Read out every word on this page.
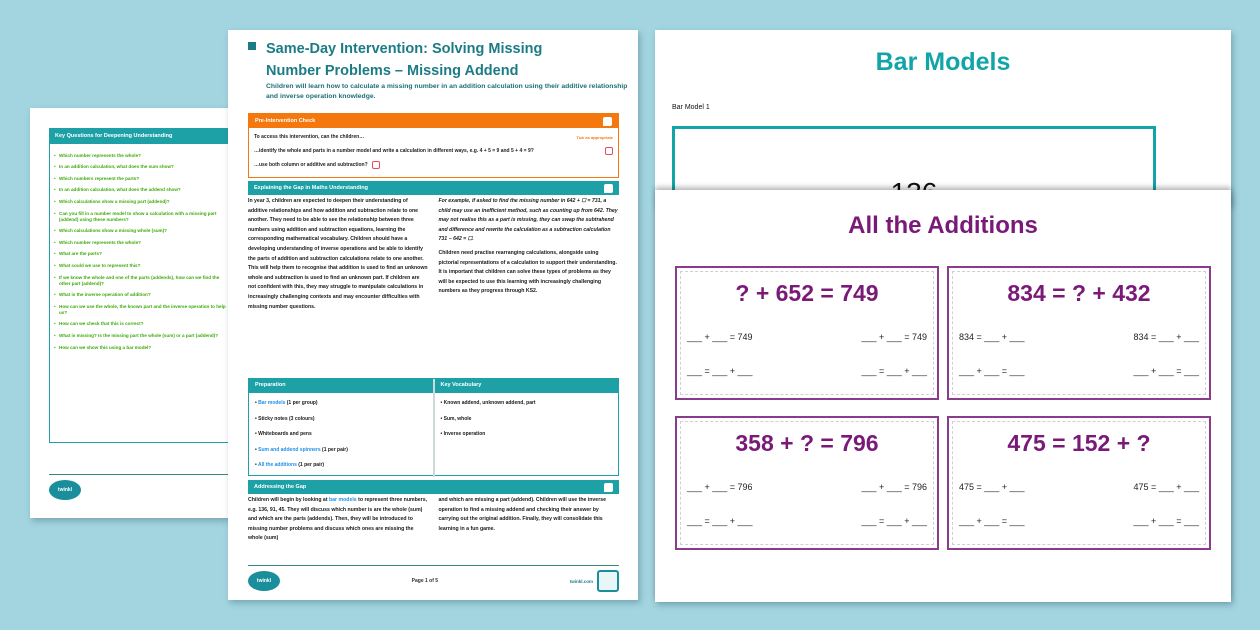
Key Questions for Deepening Understanding
• Which number represents the whole?
• In an addition calculation, what does the sum show?
• Which numbers represent the parts?
• In an addition calculation, what does the addend show?
• Which calculations show a missing part (addend)?
• Can you fill in a number model to show a calculation with a missing part (addend) using these numbers?
• Which calculations show a missing whole (sum)?
• Which number represents the whole?
• What are the parts?
• What could we use to represent this?
• If we know the whole and one of the parts (addends), how can we find the other part (addend)?
• What is the inverse operation of addition?
• How can we use the whole, the known part and the inverse operation to help us?
• How can we check that this is correct?
• What is missing? Is the missing part the whole (sum) or a part (addend)?
• How can we show this using a bar model?
twinkl
Same-Day Intervention: Solving Missing
Number Problems – Missing Addend
Children will learn how to calculate a missing number in an addition calculation using their additive relationship and inverse operation knowledge.
Pre-Intervention Check
To access this intervention, can the children…	Tick as appropriate
…identify the whole and parts in a number model and write a calculation in different ways, e.g. 4 + 5 = 9 and 5 + 4 = 9?
…use both column or additive and subtraction?
Explaining the Gap in Maths Understanding

In year 3, children are expected to deepen their understanding of additive relationships and how addition and subtraction relate to one another. They need to be able to see the relationship between three numbers using addition and subtraction equations, learning the corresponding mathematical vocabulary. Children should have a developing understanding of inverse operations and be able to identify the parts of addition and subtraction calculations relate to one another. This will help them to recognise that addition is used to find an unknown whole and subtraction is used to find an unknown part. If children are not confident with this, they may struggle to manipulate calculations in increasingly challenging contexts and may encounter difficulties with missing number questions.

For example, if asked to find the missing number in 642 + ☐ = 731, a child may use an inefficient method, such as counting up from 642. They may not realise this as a part is missing, they can swap the subtrahend and difference and rewrite the calculation as a subtraction calculation 731 − 642 = ☐.

Children need practise rearranging calculations, alongside using pictorial representations of a calculation to support their understanding. It is important that children can solve these types of problems as they will be expected to use this learning with increasingly challenging numbers as they progress through KS2.

Preparation
• Bar models (1 per group)
• Sticky notes (3 colours)
• Whiteboards and pens
• Sum and addend spinners (1 per pair)
• All the additions (1 per pair)
Key Vocabulary
• Known addend, unknown addend, part
• Sum, whole
• Inverse operation
Addressing the Gap
Children will begin by looking at bar models to represent three numbers, e.g. 136, 91, 45. They will discuss which number is are the whole (sum) and which are the parts (addends). Then, they will be introduced to missing number problems and discuss which ones are missing the whole (sum)
and which are missing a part (addend). Children will use the inverse operation to find a missing addend and checking their answer by carrying out the original addition. Finally, they will consolidate this learning in a fun game.
twinkl	Page 1 of 5	twinkl.com
Bar Models
Bar Model 1
All the Additions
? + 652 = 749
___ + ___ = 749	___ + ___ = 749
___ = ___ + ___	___ = ___ + ___
834 = ? + 432
834 = ___ + ___	834 = ___ + ___
___ + ___ = ___	___ + ___ = ___
358 + ? = 796
___ + ___ = 796	___ + ___ = 796
___ = ___ + ___	___ = ___ + ___
475 = 152 + ?
475 = ___ + ___	475 = ___ + ___
___ + ___ = ___	___ + ___ = ___
